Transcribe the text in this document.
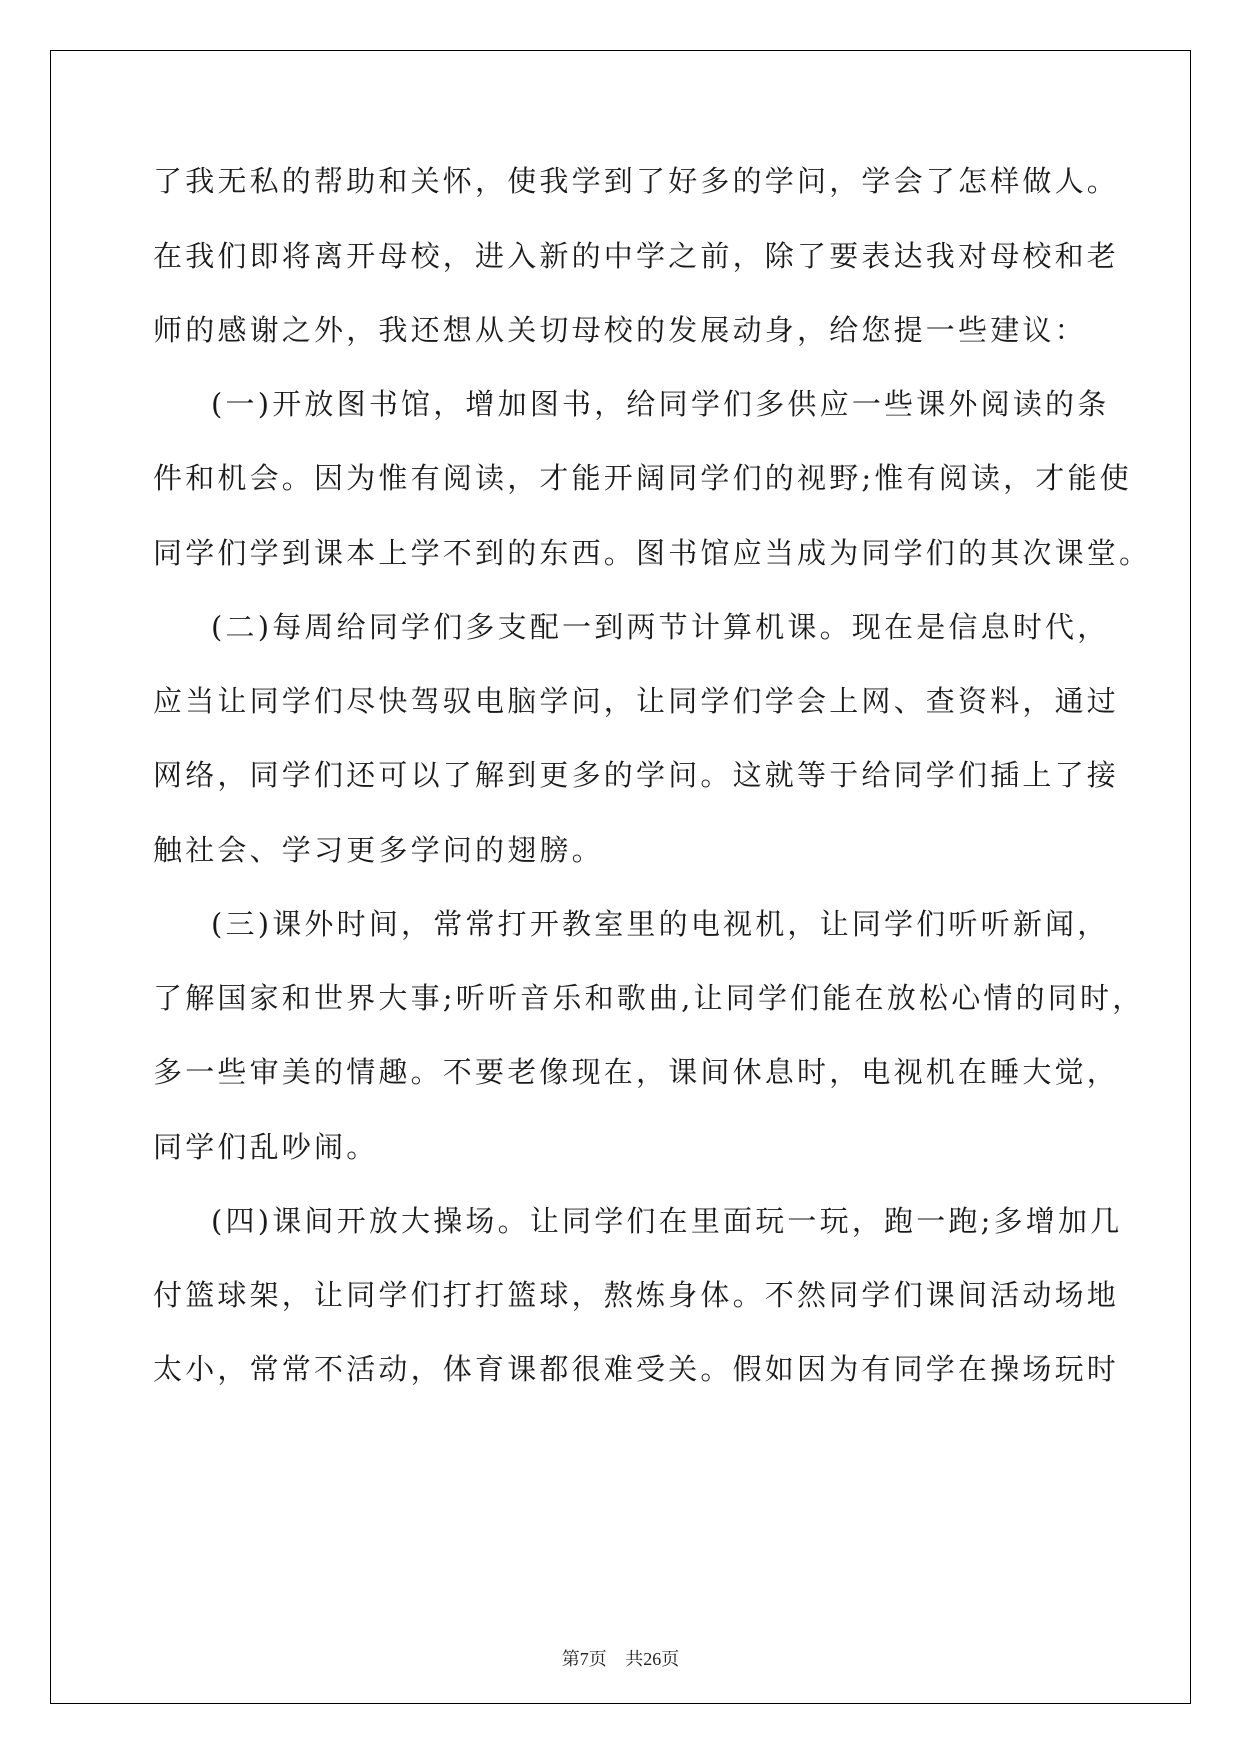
了我无私的帮助和关怀，使我学到了好多的学问，学会了怎样做人。
在我们即将离开母校，进入新的中学之前，除了要表达我对母校和老
师的感谢之外，我还想从关切母校的发展动身，给您提一些建议：
(一)开放图书馆，增加图书，给同学们多供应一些课外阅读的条
件和机会。因为惟有阅读，才能开阔同学们的视野;惟有阅读，才能使
同学们学到课本上学不到的东西。图书馆应当成为同学们的其次课堂。
(二)每周给同学们多支配一到两节计算机课。现在是信息时代，
应当让同学们尽快驾驭电脑学问，让同学们学会上网、查资料，通过
网络，同学们还可以了解到更多的学问。这就等于给同学们插上了接
触社会、学习更多学问的翅膀。
(三)课外时间，常常打开教室里的电视机，让同学们听听新闻，
了解国家和世界大事;听听音乐和歌曲,让同学们能在放松心情的同时，
多一些审美的情趣。不要老像现在，课间休息时，电视机在睡大觉，
同学们乱吵闹。
(四)课间开放大操场。让同学们在里面玩一玩，跑一跑;多增加几
付篮球架，让同学们打打篮球，熬炼身体。不然同学们课间活动场地
太小，常常不活动，体育课都很难受关。假如因为有同学在操场玩时
第7页 共26页
